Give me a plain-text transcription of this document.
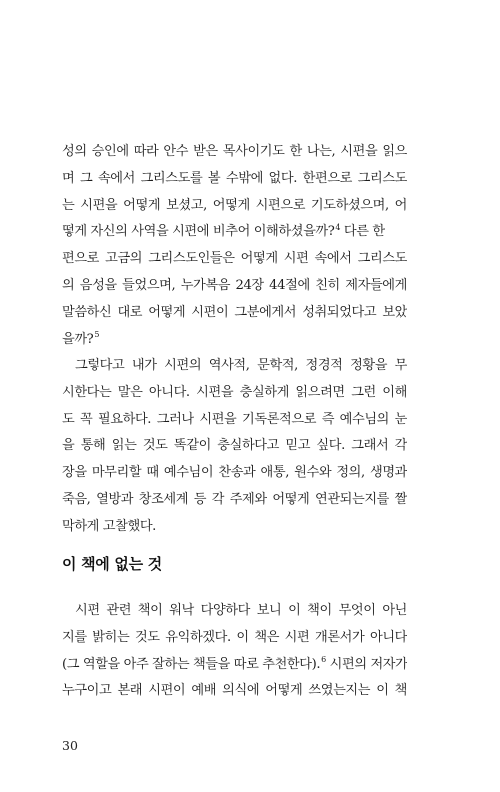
성의 승인에 따라 안수 받은 목사이기도 한 나는, 시편을 읽으
며 그 속에서 그리스도를 볼 수밖에 없다. 한편으로 그리스도
는 시편을 어떻게 보셨고, 어떻게 시편으로 기도하셨으며, 어
떻게 자신의 사역을 시편에 비추어 이해하셨을까?$^4$ 다른 한
편으로 고금의 그리스도인들은 어떻게 시편 속에서 그리스도
의 음성을 들었으며, 누가복음 24장 44절에 친히 제자들에게
말씀하신 대로 어떻게 시편이 그분에게서 성취되었다고 보았
을까?$^5$
그렇다고 내가 시편의 역사적, 문학적, 정경적 정황을 무
시한다는 말은 아니다. 시편을 충실하게 읽으려면 그런 이해
도 꼭 필요하다. 그러나 시편을 기독론적으로 즉 예수님의 눈
을 통해 읽는 것도 똑같이 충실하다고 믿고 싶다. 그래서 각
장을 마무리할 때 예수님이 찬송과 애통, 원수와 정의, 생명과
죽음, 열방과 창조세계 등 각 주제와 어떻게 연관되는지를 짤
막하게 고찰했다.
이 책에 없는 것
시편 관련 책이 워낙 다양하다 보니 이 책이 무엇이 아닌
지를 밝히는 것도 유익하겠다. 이 책은 시편 개론서가 아니다
(그 역할을 아주 잘하는 책들을 따로 추천한다).$^6$ 시편의 저자가
누구이고 본래 시편이 예배 의식에 어떻게 쓰였는지는 이 책
30
